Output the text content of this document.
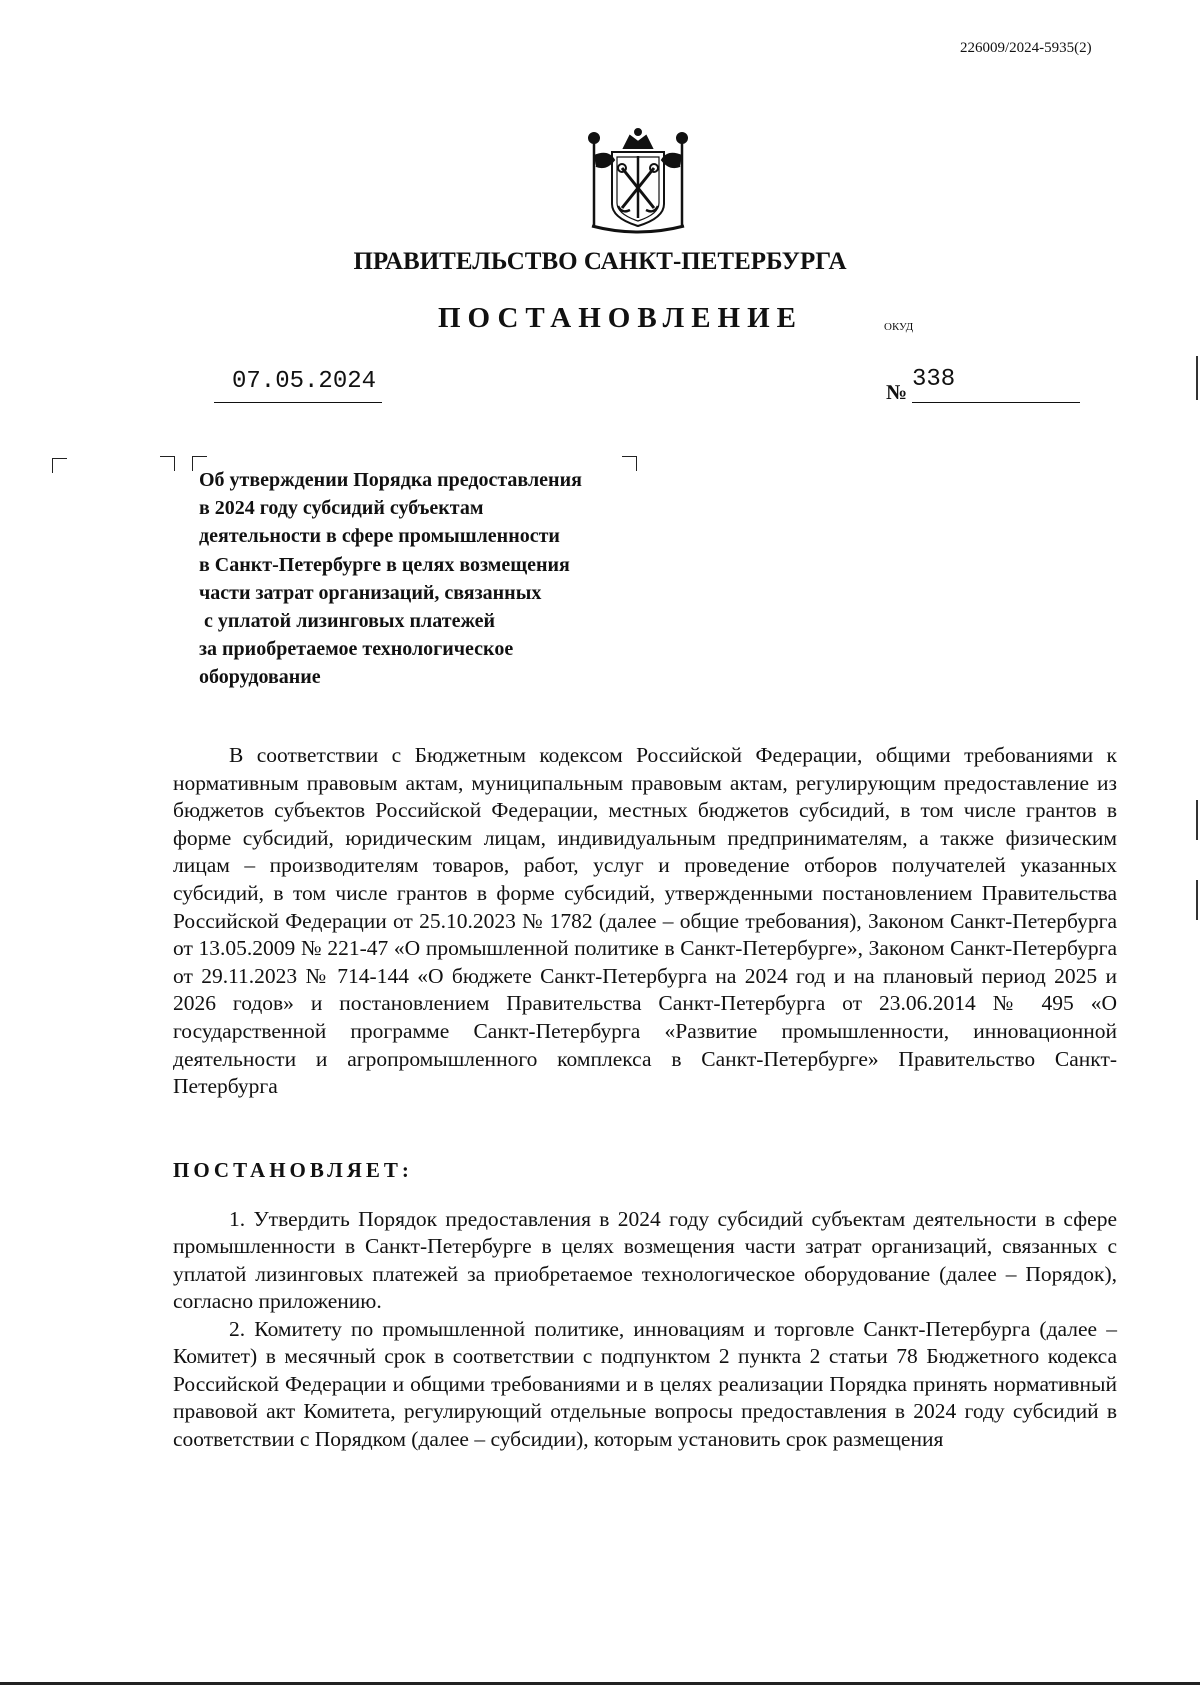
226009/2024-5935(2)
ПРАВИТЕЛЬСТВО САНКТ-ПЕТЕРБУРГА
ПОСТАНОВЛЕНИЕ	ОКУД
07.05.2024	№ 338
Об утверждении Порядка предоставления
в 2024 году субсидий субъектам
деятельности в сфере промышленности
в Санкт-Петербурге в целях возмещения
части затрат организаций, связанных
с уплатой лизинговых платежей
за приобретаемое технологическое
оборудование

В соответствии с Бюджетным кодексом Российской Федерации, общими требованиями к нормативным правовым актам, муниципальным правовым актам, регулирующим предоставление из бюджетов субъектов Российской Федерации, местных бюджетов субсидий, в том числе грантов в форме субсидий, юридическим лицам, индивидуальным предпринимателям, а также физическим лицам – производителям товаров, работ, услуг и проведение отборов получателей указанных субсидий, в том числе грантов в форме субсидий, утвержденными постановлением Правительства Российской Федерации от 25.10.2023 № 1782 (далее – общие требования), Законом Санкт-Петербурга от 13.05.2009 № 221-47 «О промышленной политике в Санкт-Петербурге», Законом Санкт-Петербурга от 29.11.2023 № 714-144 «О бюджете Санкт-Петербурга на 2024 год и на плановый период 2025 и 2026 годов» и постановлением Правительства Санкт-Петербурга от 23.06.2014 № 495 «О государственной программе Санкт-Петербурга «Развитие промышленности, инновационной деятельности и агропромышленного комплекса в Санкт-Петербурге» Правительство Санкт-Петербурга

ПОСТАНОВЛЯЕТ:

1. Утвердить Порядок предоставления в 2024 году субсидий субъектам деятельности в сфере промышленности в Санкт-Петербурге в целях возмещения части затрат организаций, связанных с уплатой лизинговых платежей за приобретаемое технологическое оборудование (далее – Порядок), согласно приложению.

2. Комитету по промышленной политике, инновациям и торговле Санкт-Петербурга (далее – Комитет) в месячный срок в соответствии с подпунктом 2 пункта 2 статьи 78 Бюджетного кодекса Российской Федерации и общими требованиями и в целях реализации Порядка принять нормативный правовой акт Комитета, регулирующий отдельные вопросы предоставления в 2024 году субсидий в соответствии с Порядком (далее – субсидии), которым установить срок размещения
